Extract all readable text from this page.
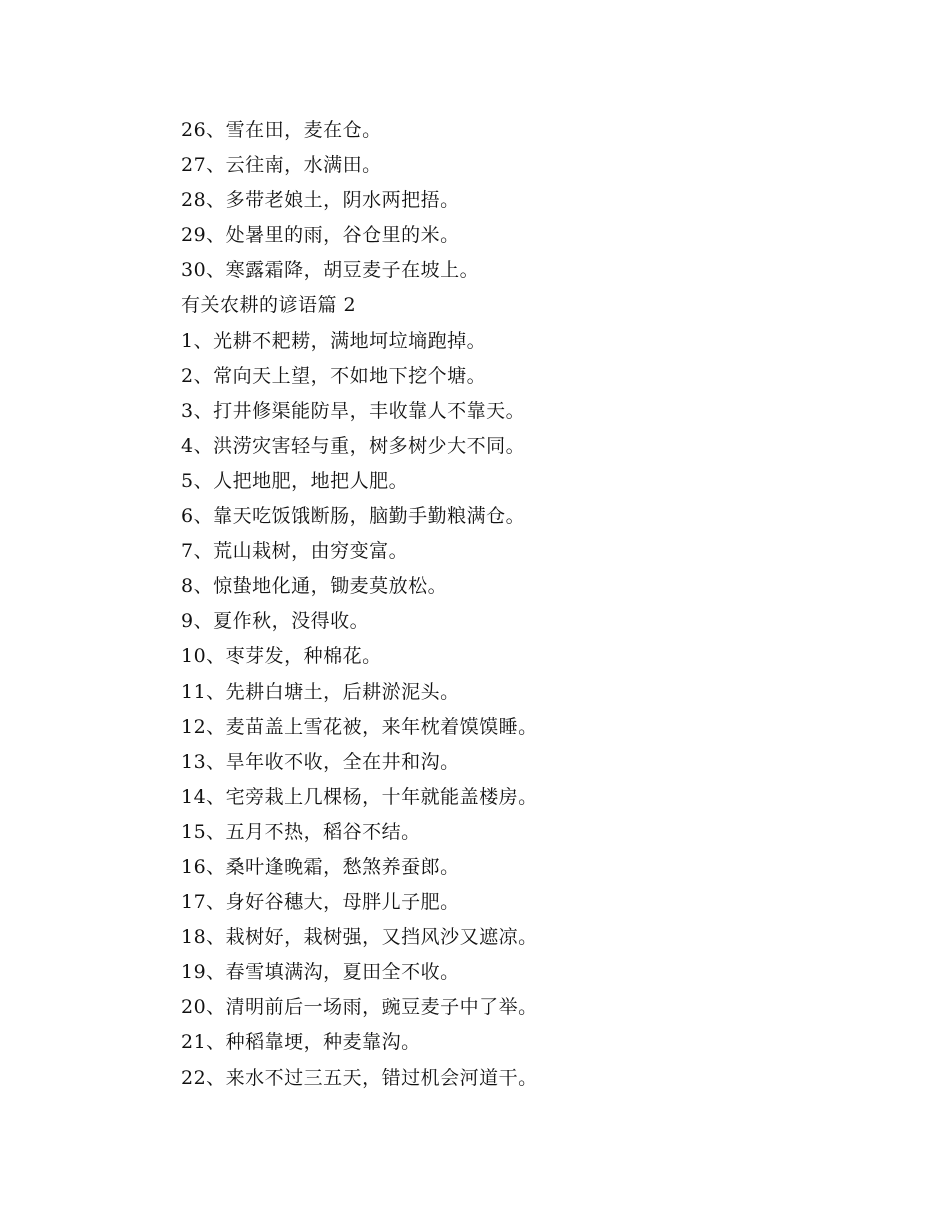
26、雪在田，麦在仓。
27、云往南，水满田。
28、多带老娘土，阴水两把捂。
29、处暑里的雨，谷仓里的米。
30、寒露霜降，胡豆麦子在坡上。
有关农耕的谚语篇 2
1、光耕不耙耢，满地坷垃墒跑掉。
2、常向天上望，不如地下挖个塘。
3、打井修渠能防旱，丰收靠人不靠天。
4、洪涝灾害轻与重，树多树少大不同。
5、人把地肥，地把人肥。
6、靠天吃饭饿断肠，脑勤手勤粮满仓。
7、荒山栽树，由穷变富。
8、惊蛰地化通，锄麦莫放松。
9、夏作秋，没得收。
10、枣芽发，种棉花。
11、先耕白塘土，后耕淤泥头。
12、麦苗盖上雪花被，来年枕着馍馍睡。
13、旱年收不收，全在井和沟。
14、宅旁栽上几棵杨，十年就能盖楼房。
15、五月不热，稻谷不结。
16、桑叶逢晚霜，愁煞养蚕郎。
17、身好谷穗大，母胖儿子肥。
18、栽树好，栽树强，又挡风沙又遮凉。
19、春雪填满沟，夏田全不收。
20、清明前后一场雨，豌豆麦子中了举。
21、种稻靠埂，种麦靠沟。
22、来水不过三五天，错过机会河道干。
